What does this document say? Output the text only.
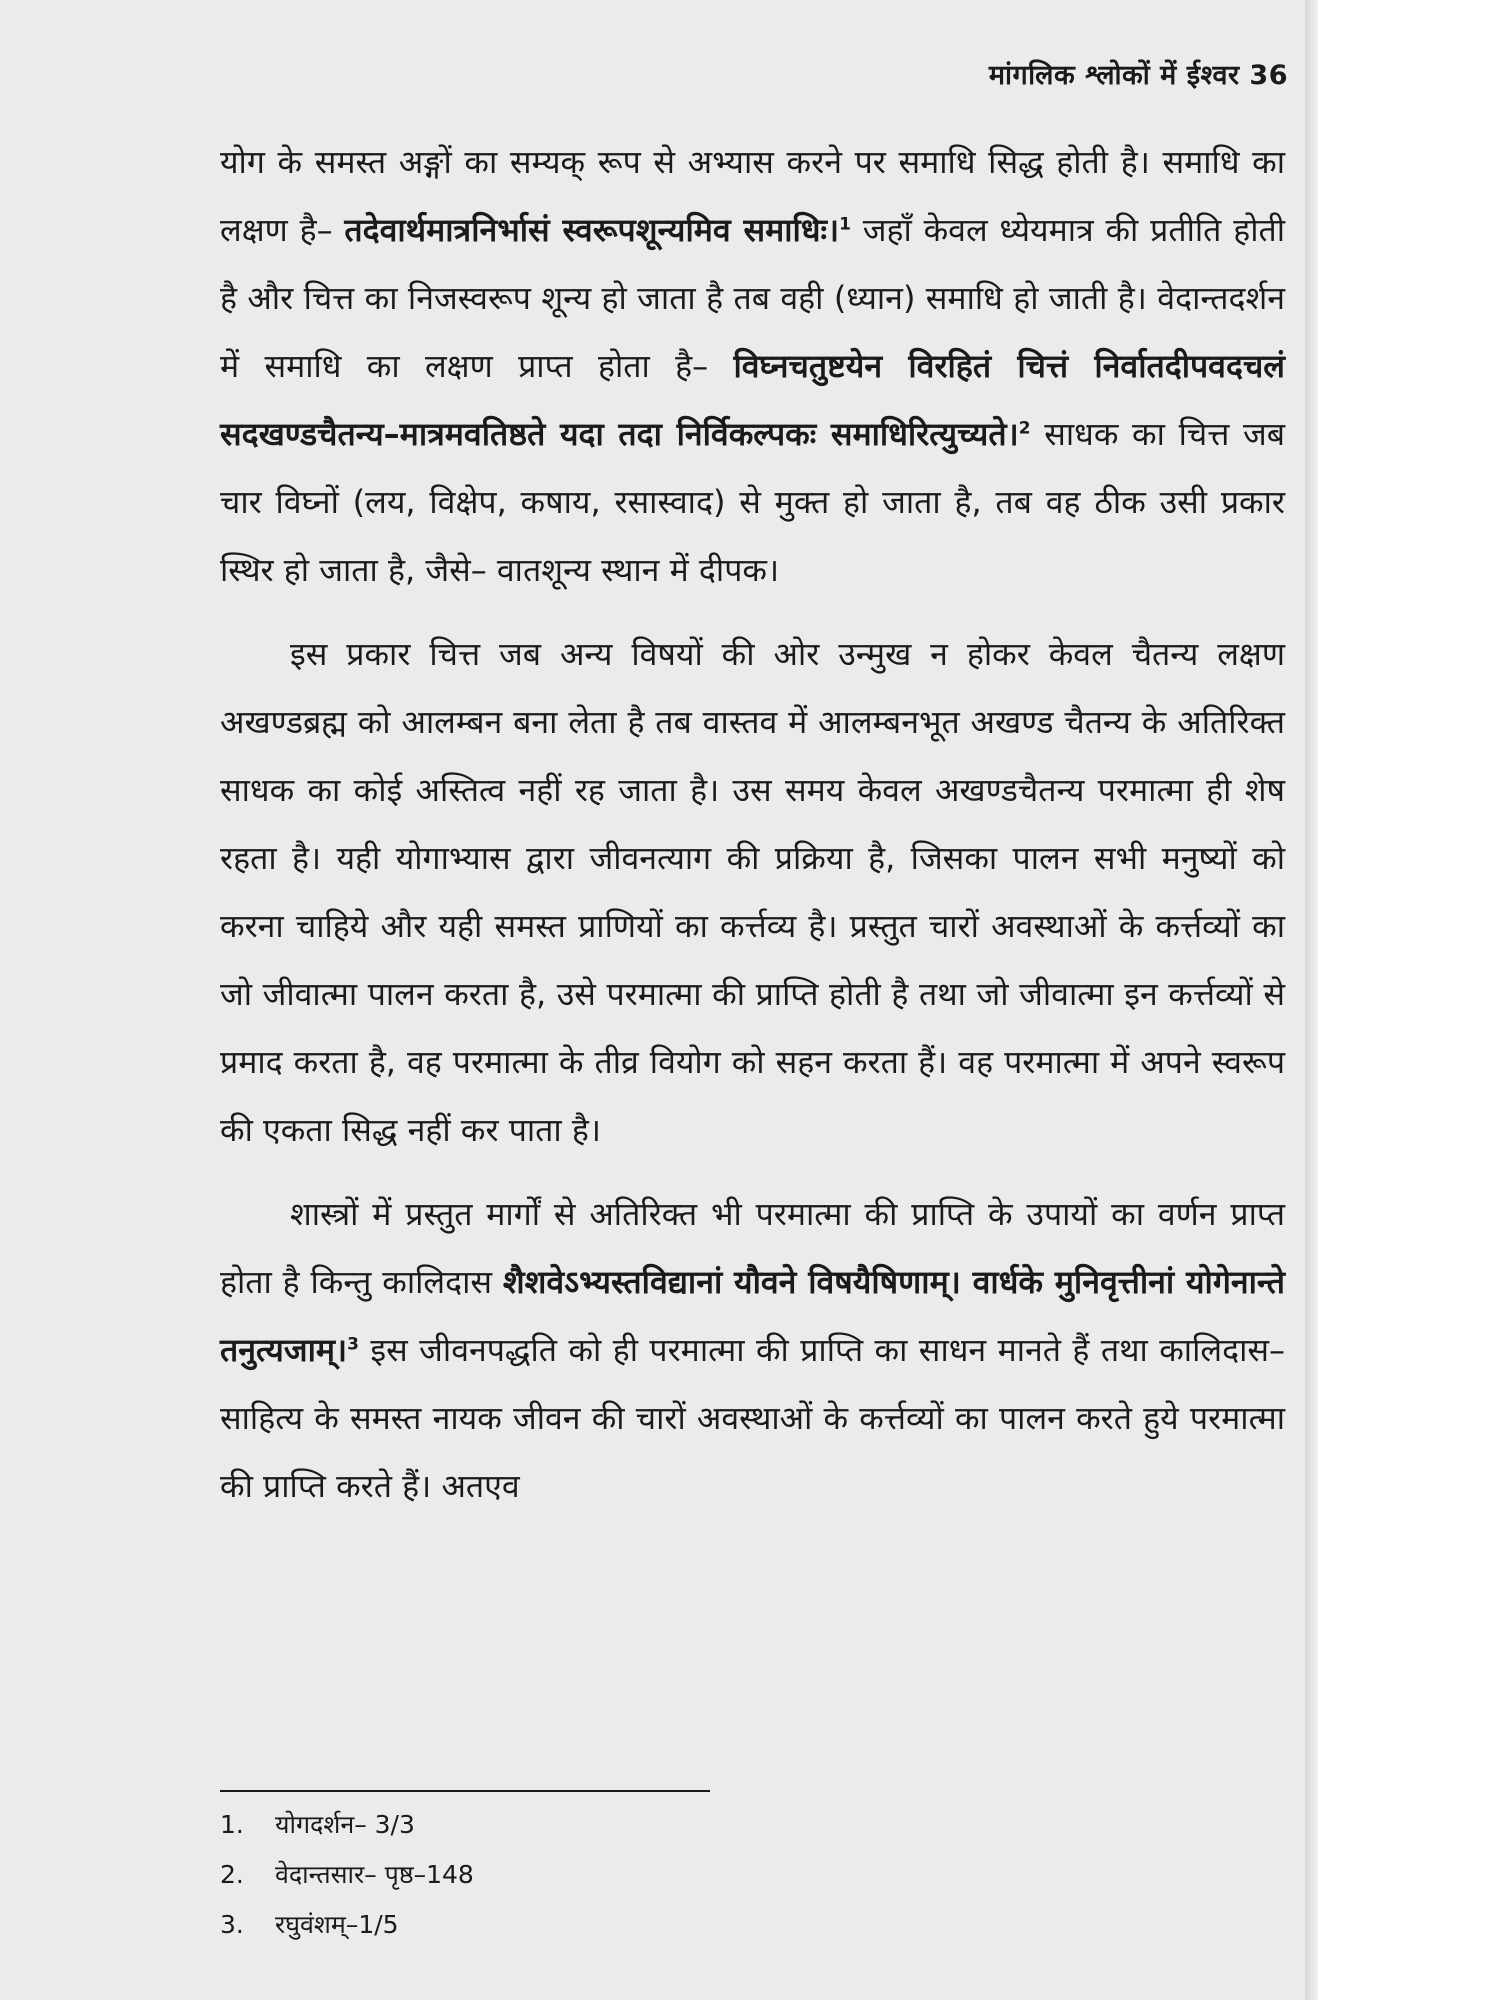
मांगलिक श्लोकों में ईश्वर 36

योग के समस्त अङ्गों का सम्यक् रूप से अभ्यास करने पर समाधि सिद्ध होती है। समाधि का लक्षण है– तदेवार्थमात्रनिर्भासं स्वरूपशून्यमिव समाधिः।$^1$ जहाँ केवल ध्येयमात्र की प्रतीति होती है और चित्त का निजस्वरूप शून्य हो जाता है तब वही (ध्यान) समाधि हो जाती है। वेदान्तदर्शन में समाधि का लक्षण प्राप्त होता है– विघ्नचतुष्टयेन विरहितं चित्तं निर्वातदीपवदचलं सदखण्डचैतन्य–मात्रमवतिष्ठते यदा तदा निर्विकल्पकः समाधिरित्युच्यते।$^2$ साधक का चित्त जब चार विघ्नों (लय, विक्षेप, कषाय, रसास्वाद) से मुक्त हो जाता है, तब वह ठीक उसी प्रकार स्थिर हो जाता है, जैसे– वातशून्य स्थान में दीपक।

इस प्रकार चित्त जब अन्य विषयों की ओर उन्मुख न होकर केवल चैतन्य लक्षण अखण्डब्रह्म को आलम्बन बना लेता है तब वास्तव में आलम्बनभूत अखण्ड चैतन्य के अतिरिक्त साधक का कोई अस्तित्व नहीं रह जाता है। उस समय केवल अखण्डचैतन्य परमात्मा ही शेष रहता है। यही योगाभ्यास द्वारा जीवनत्याग की प्रक्रिया है, जिसका पालन सभी मनुष्यों को करना चाहिये और यही समस्त प्राणियों का कर्त्तव्य है। प्रस्तुत चारों अवस्थाओं के कर्त्तव्यों का जो जीवात्मा पालन करता है, उसे परमात्मा की प्राप्ति होती है तथा जो जीवात्मा इन कर्त्तव्यों से प्रमाद करता है, वह परमात्मा के तीव्र वियोग को सहन करता हैं। वह परमात्मा में अपने स्वरूप की एकता सिद्ध नहीं कर पाता है।

शास्त्रों में प्रस्तुत मार्गों से अतिरिक्त भी परमात्मा की प्राप्ति के उपायों का वर्णन प्राप्त होता है किन्तु कालिदास शैशवेऽभ्यस्तविद्यानां यौवने विषयैषिणाम्। वार्धके मुनिवृत्तीनां योगेनान्ते तनुत्यजाम्।$^3$ इस जीवनपद्धति को ही परमात्मा की प्राप्ति का साधन मानते हैं तथा कालिदास–साहित्य के समस्त नायक जीवन की चारों अवस्थाओं के कर्त्तव्यों का पालन करते हुये परमात्मा की प्राप्ति करते हैं। अतएव

1.	योगदर्शन– 3/3
2.	वेदान्तसार– पृष्ठ–148
3.	रघुवंशम्–1/5
